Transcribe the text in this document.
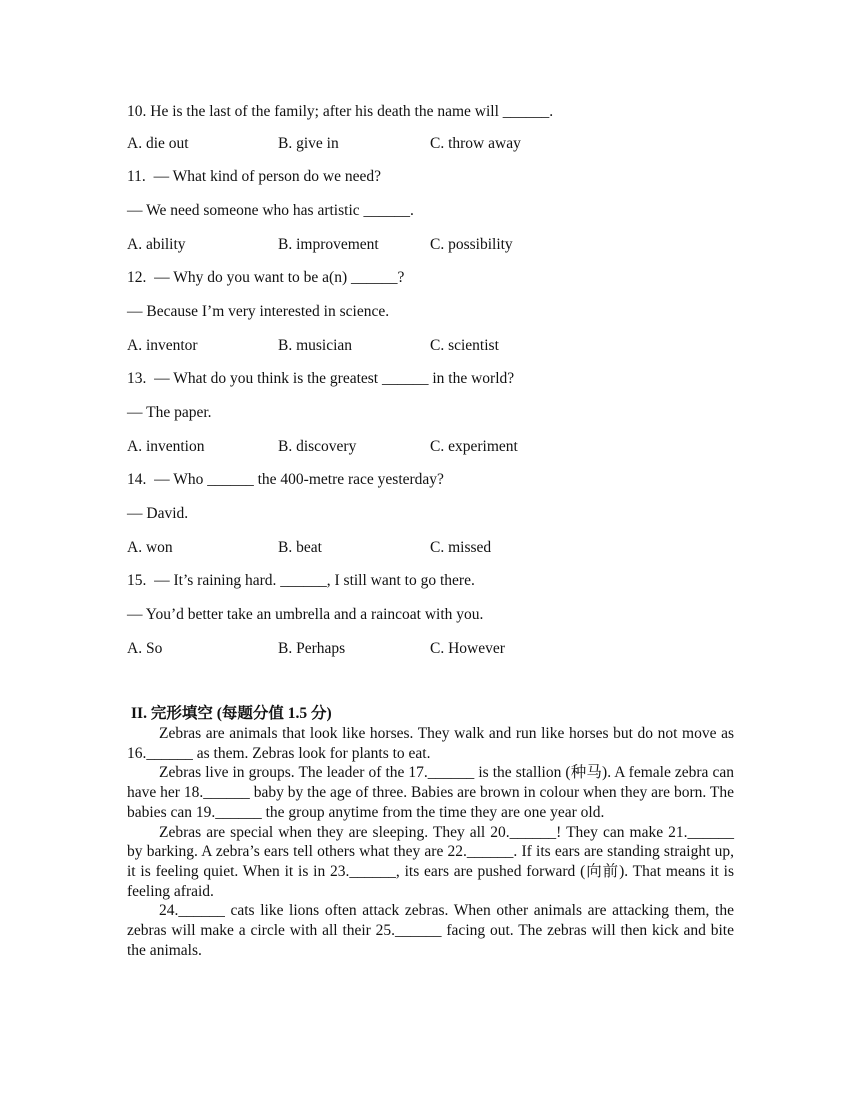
10. He is the last of the family; after his death the name will ______.
A. die out	B. give in	C. throw away
11. — What kind of person do we need?
— We need someone who has artistic ______.
A. ability	B. improvement	C. possibility
12. — Why do you want to be a(n) ______?
— Because I’m very interested in science.
A. inventor	B. musician	C. scientist
13. — What do you think is the greatest ______ in the world?
— The paper.
A. invention	B. discovery	C. experiment
14. — Who ______ the 400-metre race yesterday?
— David.
A. won	B. beat	C. missed
15. — It’s raining hard. ______, I still want to go there.
— You’d better take an umbrella and a raincoat with you.
A. So	B. Perhaps	C. However
II. 完形填空 (每题分值 1.5 分)

Zebras are animals that look like horses. They walk and run like horses but do not move as 16.______ as them. Zebras look for plants to eat.

Zebras live in groups. The leader of the 17.______ is the stallion (种马). A female zebra can have her 18.______ baby by the age of three. Babies are brown in colour when they are born. The babies can 19.______ the group anytime from the time they are one year old.

Zebras are special when they are sleeping. They all 20.______! They can make 21.______ by barking. A zebra’s ears tell others what they are 22.______. If its ears are standing straight up, it is feeling quiet. When it is in 23.______, its ears are pushed forward (向前). That means it is feeling afraid.

24.______ cats like lions often attack zebras. When other animals are attacking them, the zebras will make a circle with all their 25.______ facing out. The zebras will then kick and bite the animals.
